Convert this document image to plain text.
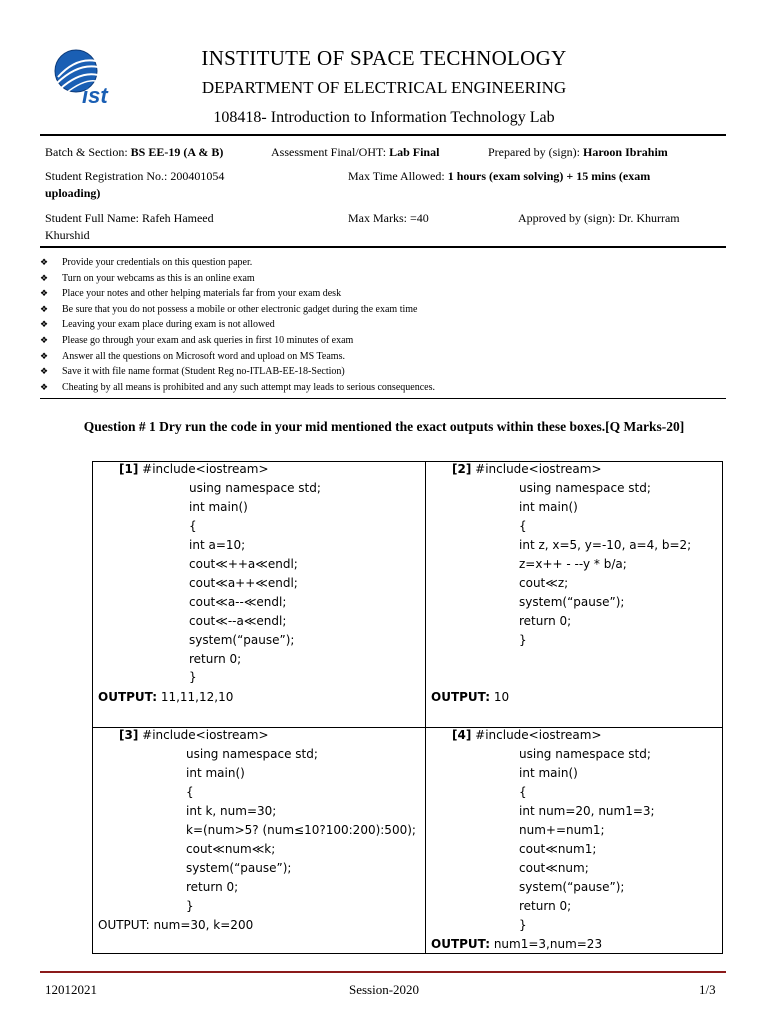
ist
INSTITUTE OF SPACE TECHNOLOGY
DEPARTMENT OF ELECTRICAL ENGINEERING
108418- Introduction to Information Technology Lab
Batch & Section: BS EE-19 (A & B)	Assessment Final/OHT: Lab Final	Prepared by (sign): Haroon Ibrahim
Student Registration No.: 200401054	Max Time Allowed: 1 hours (exam solving) + 15 mins (exam
uploading)
Student Full Name: Rafeh Hameed
Khurshid
Max Marks: =40	Approved by (sign): Dr. Khurram
❖ Provide your credentials on this question paper.
❖ Turn on your webcams as this is an online exam
❖ Place your notes and other helping materials far from your exam desk
❖ Be sure that you do not possess a mobile or other electronic gadget during the exam time
❖ Leaving your exam place during exam is not allowed
❖ Please go through your exam and ask queries in first 10 minutes of exam
❖ Answer all the questions on Microsoft word and upload on MS Teams.
❖ Save it with file name format (Student Reg no-ITLAB-EE-18-Section)
❖ Cheating by all means is prohibited and any such attempt may leads to serious consequences.
Question # 1 Dry run the code in your mid mentioned the exact outputs within these boxes.[Q Marks-20]
[1] #include<iostream>
using namespace std;
int main()
{
int a=10;
cout≪++a≪endl;
cout≪a++≪endl;
cout≪a--≪endl;
cout≪--a≪endl;
system(“pause”);
return 0;
}
OUTPUT: 11,11,12,10
[2] #include<iostream>
using namespace std;
int main()
{
int z, x=5, y=-10, a=4, b=2;
z=x++ - --y * b/a;
cout≪z;
system(“pause”);
return 0;
}
OUTPUT: 10
[3] #include<iostream>
using namespace std;
int main()
{
int k, num=30;
k=(num>5? (num≤10?100:200):500);
cout≪num≪k;
system(“pause”);
return 0;
}
OUTPUT: num=30, k=200
[4] #include<iostream>
using namespace std;
int main()
{
int num=20, num1=3;
num+=num1;
cout≪num1;
cout≪num;
system(“pause”);
return 0;
}
OUTPUT: num1=3,num=23
12012021	Session-2020	1/3
